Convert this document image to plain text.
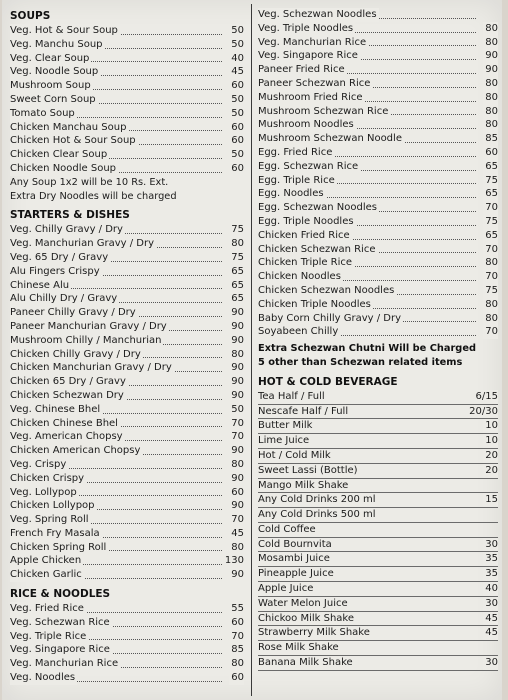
SOUPS
Veg. Hot & Sour Soup	50
Veg. Manchu Soup	50
Veg. Clear Soup	40
Veg. Noodle Soup	45
Mushroom Soup	60
Sweet Corn Soup	50
Tomato Soup	50
Chicken Manchau Soup	60
Chicken Hot & Sour Soup	60
Chicken Clear Soup	50
Chicken Noodle Soup	60
Any Soup 1x2 will be 10 Rs. Ext.
Extra Dry Noodles will be charged
STARTERS & DISHES
Veg. Chilly Gravy / Dry	75
Veg. Manchurian Gravy / Dry	80
Veg. 65 Dry / Gravy	75
Alu Fingers Crispy	65
Chinese Alu	65
Alu Chilly Dry / Gravy	65
Paneer Chilly Gravy / Dry	90
Paneer Manchurian Gravy / Dry	90
Mushroom Chilly / Manchurian	90
Chicken Chilly Gravy / Dry	80
Chicken Manchurian Gravy / Dry	90
Chicken 65 Dry / Gravy	90
Chicken Schezwan Dry	90
Veg. Chinese Bhel	50
Chicken Chinese Bhel	70
Veg. American Chopsy	70
Chicken American Chopsy	90
Veg. Crispy	80
Chicken Crispy	90
Veg. Lollypop	60
Chicken Lollypop	90
Veg. Spring Roll	70
French Fry Masala	45
Chicken Spring Roll	80
Apple Chicken	130
Chicken Garlic	90
RICE & NOODLES
Veg. Fried Rice	55
Veg. Schezwan Rice	60
Veg. Triple Rice	70
Veg. Singapore Rice	85
Veg. Manchurian Rice	80
Veg. Noodles	60
Veg. Schezwan Noodles
Veg. Triple Noodles	80
Veg. Manchurian Rice	80
Veg. Singapore Rice	90
Paneer Fried Rice	90
Paneer Schezwan Rice	80
Mushroom Fried Rice	80
Mushroom Schezwan Rice	80
Mushroom Noodles	80
Mushroom Schezwan Noodle	85
Egg. Fried Rice	60
Egg. Schezwan Rice	65
Egg. Triple Rice	75
Egg. Noodles	65
Egg. Schezwan Noodles	70
Egg. Triple Noodles	75
Chicken Fried Rice	65
Chicken Schezwan Rice	70
Chicken Triple Rice	80
Chicken Noodles	70
Chicken Schezwan Noodles	75
Chicken Triple Noodles	80
Baby Corn Chilly Gravy / Dry	80
Soyabeen Chilly	70
Extra Schezwan Chutni Will be Charged
5 other than Schezwan related items
HOT & COLD BEVERAGE
Tea Half / Full	6/15
Nescafe Half / Full	20/30
Butter Milk	10
Lime Juice	10
Hot / Cold Milk	20
Sweet Lassi (Bottle)	20
Mango Milk Shake
Any Cold Drinks 200 ml	15
Any Cold Drinks 500 ml
Cold Coffee
Cold Bournvita	30
Mosambi Juice	35
Pineapple Juice	35
Apple Juice	40
Water Melon Juice	30
Chickoo Milk Shake	45
Strawberry Milk Shake	45
Rose Milk Shake
Banana Milk Shake	30
